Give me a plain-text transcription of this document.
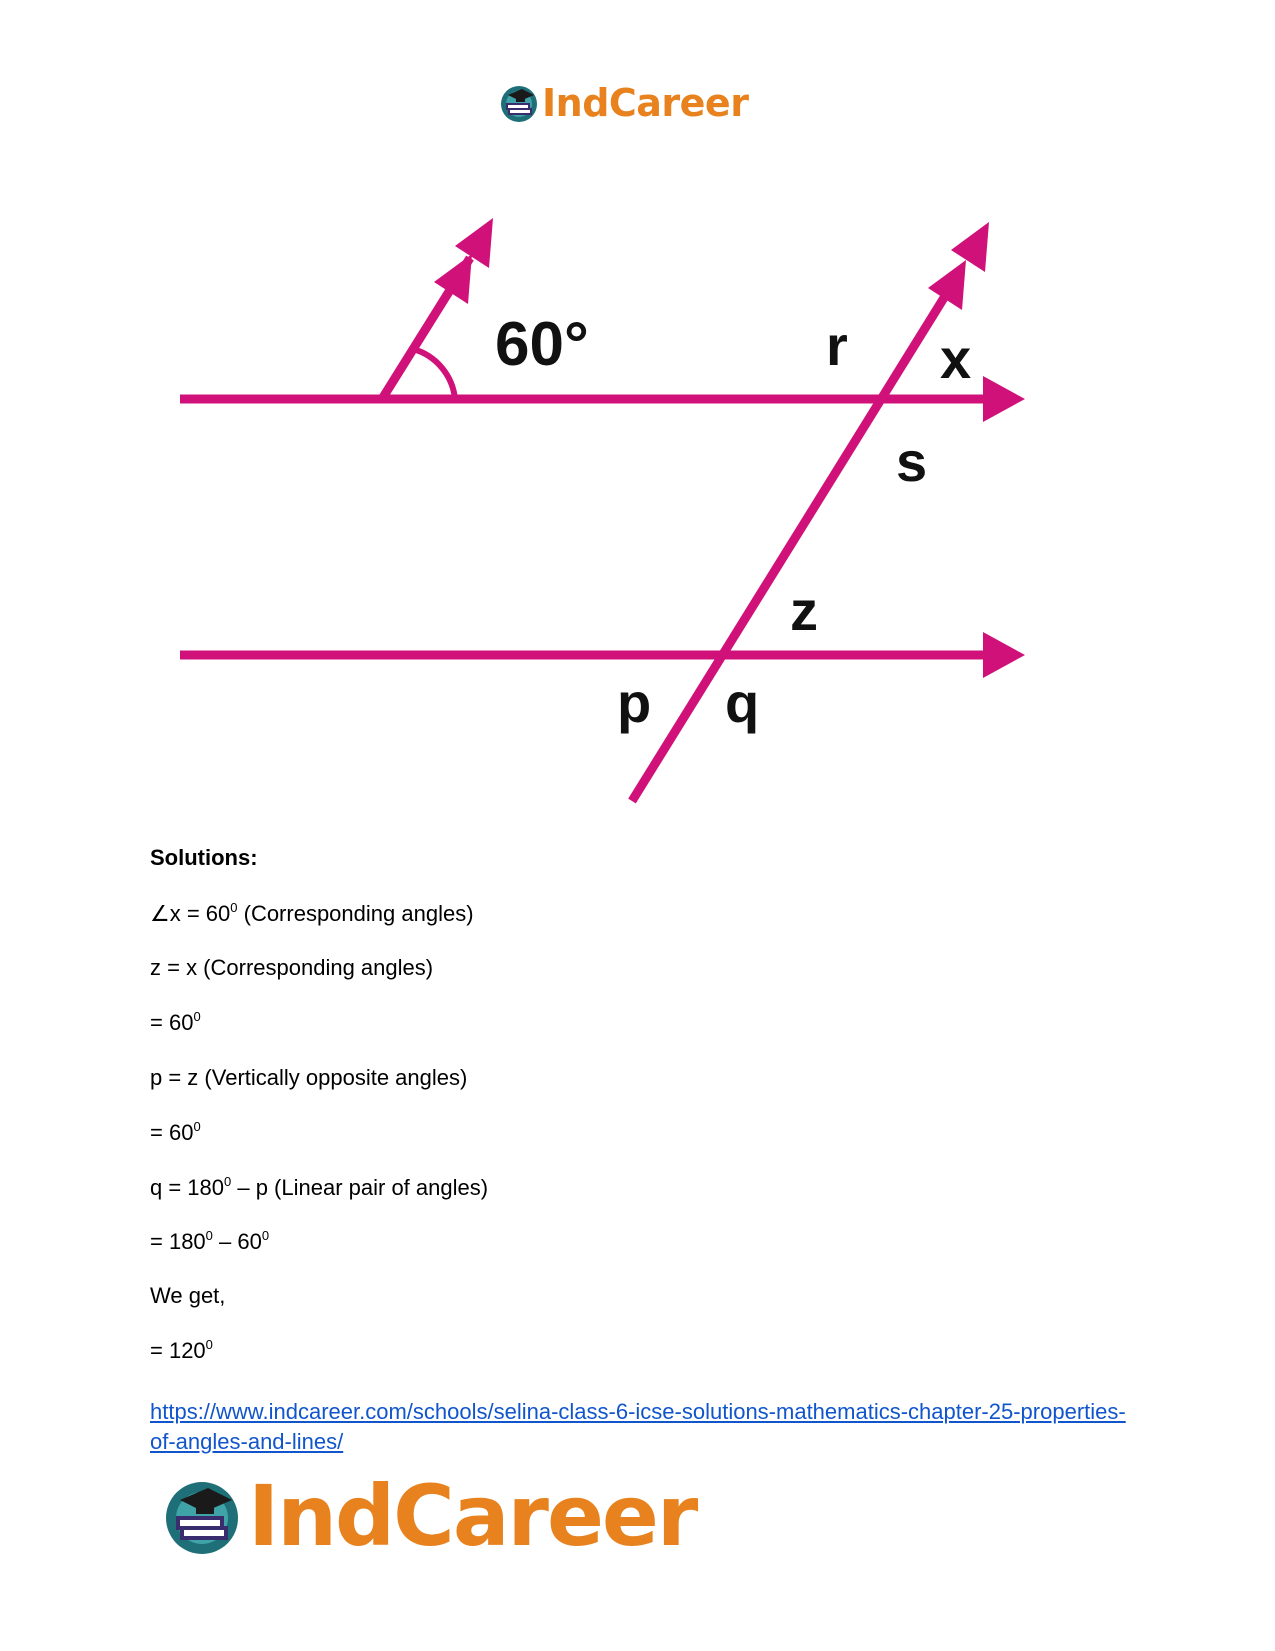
IndCareer
60°	r x
s
z
p q

Solutions:

∠x = $60^0$ (Corresponding angles)
z = x (Corresponding angles)
= $60^0$
p = z (Vertically opposite angles)
= $60^0$
$q = 180^0 - p$ (Linear pair of angles)
= $180^0 - 60^0$
We get,
= $120^0$
https://www.indcareer.com/schools/selina-class-6-icse-solutions-mathematics-chapter-25-properties-of-angles-and-lines/
IndCareer
